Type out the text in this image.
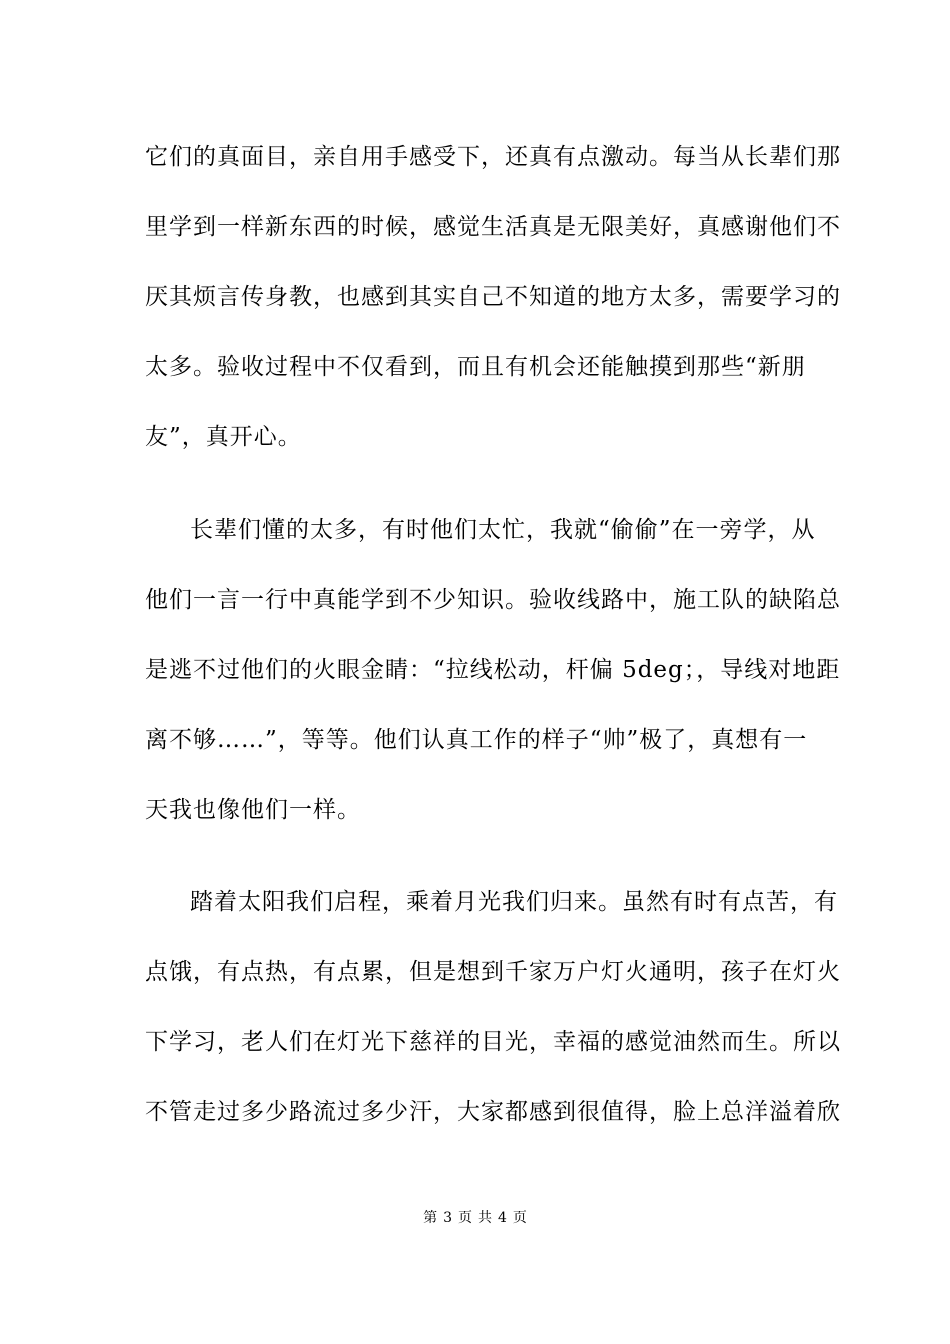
它们的真面目，亲自用手感受下，还真有点激动。每当从长辈们那
里学到一样新东西的时候，感觉生活真是无限美好，真感谢他们不
厌其烦言传身教，也感到其实自己不知道的地方太多，需要学习的
太多。验收过程中不仅看到，而且有机会还能触摸到那些“新朋
友”，真开心。
长辈们懂的太多，有时他们太忙，我就“偷偷”在一旁学，从
他们一言一行中真能学到不少知识。验收线路中，施工队的缺陷总
是逃不过他们的火眼金睛：“拉线松动，杆偏 5deg；，导线对地距
离不够……”，等等。他们认真工作的样子“帅”极了，真想有一
天我也像他们一样。
踏着太阳我们启程，乘着月光我们归来。虽然有时有点苦，有
点饿，有点热，有点累，但是想到千家万户灯火通明，孩子在灯火
下学习，老人们在灯光下慈祥的目光，幸福的感觉油然而生。所以
不管走过多少路流过多少汗，大家都感到很值得，脸上总洋溢着欣
第 3 页 共 4 页
